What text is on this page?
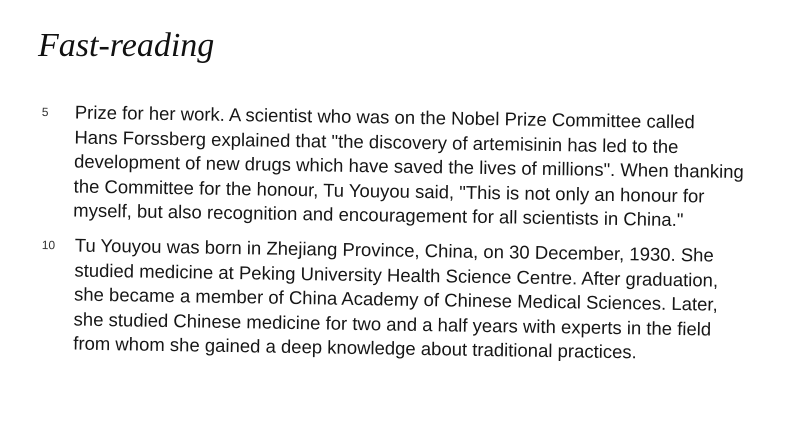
Fast-reading
5 Prize for her work. A scientist who was on the Nobel Prize Committee called
Hans Forssberg explained that "the discovery of artemisinin has led to the
development of new drugs which have saved the lives of millions". When thanking
the Committee for the honour, Tu Youyou said, "This is not only an honour for
myself, but also recognition and encouragement for all scientists in China."
10 Tu Youyou was born in Zhejiang Province, China, on 30 December, 1930. She
studied medicine at Peking University Health Science Centre. After graduation,
she became a member of China Academy of Chinese Medical Sciences. Later,
she studied Chinese medicine for two and a half years with experts in the field
from whom she gained a deep knowledge about traditional practices.
